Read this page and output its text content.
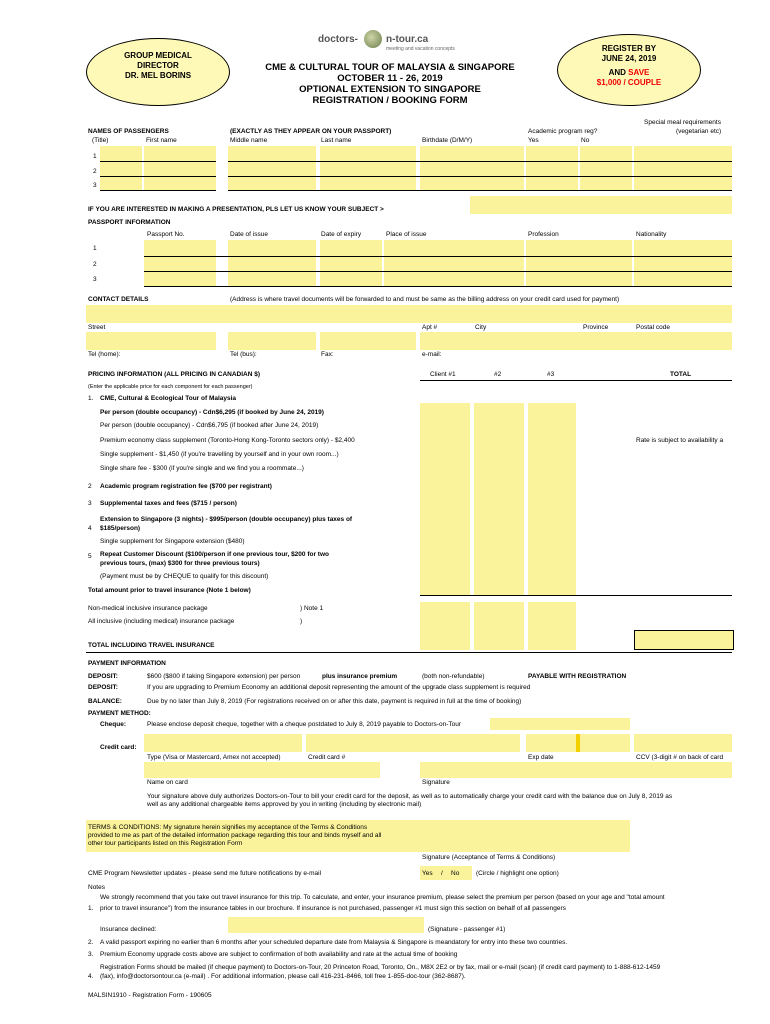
doctors-	n-tour.ca
meeting and vacation concepts
GROUP MEDICAL
DIRECTOR
DR. MEL BORINS
REGISTER BY
JUNE 24, 2019
AND SAVE
$1,000 / COUPLE
CME & CULTURAL TOUR OF MALAYSIA & SINGAPORE
OCTOBER 11 - 26, 2019
OPTIONAL EXTENSION TO SINGAPORE
REGISTRATION / BOOKING FORM
NAMES OF PASSENGERS
(Title)	First name
(EXACTLY AS THEY APPEAR ON YOUR PASSPORT)
Middle name	Last name	Birthdate (D/M/Y)
Academic program reg?
Yes	No
Special meal requirements
(vegetarian etc)
1
2
3
IF YOU ARE INTERESTED IN MAKING A PRESENTATION, PLS LET US KNOW YOUR SUBJECT >
PASSPORT INFORMATION
Passport No.	Date of issue	Date of expiry	Place of issue	Profession	Nationality
1
2
3
CONTACT DETAILS	(Address is where travel documents will be forwarded to and must be same as the billing address on your credit card used for payment)
Street	Apt #	City	Province	Postal code
Tel (home):	Tel (bus):	Fax:	e-mail:
PRICING INFORMATION (ALL PRICING IN CANADIAN $)	Client #1	#2	#3	TOTAL
(Enter the applicable price for each component for each passenger)
1. CME, Cultural & Ecological Tour of Malaysia
Per person (double occupancy) - Cdn$6,295 (if booked by June 24, 2019)
Per person (double occupancy) - Cdn$6,795 (if booked after June 24, 2019)
Premium economy class supplement (Toronto-Hong Kong-Toronto sectors only) - $2,400	Rate is subject to availability a
Single supplement - $1,450 (if you're travelling by yourself and in your own room...)
Single share fee - $300 (if you're single and we find you a roommate...)
2 Academic program registration fee ($700 per registrant)
3 Supplemental taxes and fees ($715 / person)
Extension to Singapore (3 nights) - $995/person (double occupancy) plus taxes of
4 $185/person)
Single supplement for Singapore extension ($480)
5 Repeat Customer Discount ($100/person if one previous tour, $200 for two
previous tours, (max) $300 for three previous tours)
(Payment must be by CHEQUE to qualify for this discount)
Total amount prior to travel insurance (Note 1 below)
Non-medical inclusive insurance package	) Note 1
All inclusive (including medical) insurance package	)
TOTAL INCLUDING TRAVEL INSURANCE
PAYMENT INFORMATION
DEPOSIT:	$600 ($800 if taking Singapore extension) per person	plus insurance premium	(both non-refundable)	PAYABLE WITH REGISTRATION
DEPOSIT:	If you are upgrading to Premium Economy an additional deposit representing the amount of the upgrade class supplement is required
BALANCE:	Due by no later than July 8, 2019 (For registrations received on or after this date, payment is required in full at the time of booking)
PAYMENT METHOD:
Cheque:	Please enclose deposit cheque, together with a cheque postdated to July 8, 2019 payable to Doctors-on-Tour
Credit card:
Type (Visa or Mastercard, Amex not accepted)	Credit card #	Exp date	CCV (3-digit # on back of card
Name on card	Signature
Your signature above duly authorizes Doctors-on-Tour to bill your credit card for the deposit, as well as to automatically charge your credit card with the balance due on July 8, 2019 as
well as any additional chargeable items approved by you in writing (including by electronic mail)
TERMS & CONDITIONS: My signature herein signifies my acceptance of the Terms & Conditions
provided to me as part of the detailed information package regarding this tour and binds myself and all
other tour participants listed on this Registration Form
Signature (Acceptance of Terms & Conditions)
CME Program Newsletter updates - please send me future notifications by e-mail	Yes / No	(Circle / highlight one option)
Notes
We strongly recommend that you take out travel insurance for this trip. To calculate, and enter, your insurance premium, please select the premium per person (based on your age and "total amount
1. prior to travel insurance") from the insurance tables in our brochure. If insurance is not purchased, passenger #1 must sign this section on behalf of all passengers
Insurance declined:	(Signature - passenger #1)
2. A valid passport expiring no earlier than 6 months after your scheduled departure date from Malaysia & Singapore is meandatory for entry into these two countries.
3. Premium Economy upgrade costs above are subject to confirmation of both availability and rate at the actual time of booking
Registration Forms should be mailed (if cheque payment) to Doctors-on-Tour, 20 Princeton Road, Toronto, On., M8X 2E2 or by fax, mail or e-mail (scan) (if credit card payment) to 1-888-612-1459
4. (fax), info@doctorsontour.ca (e-mail) . For additional information, please call 416-231-8466, toll free 1-855-doc-tour (362-8687).
MALSIN1910 - Registration Form - 190605
